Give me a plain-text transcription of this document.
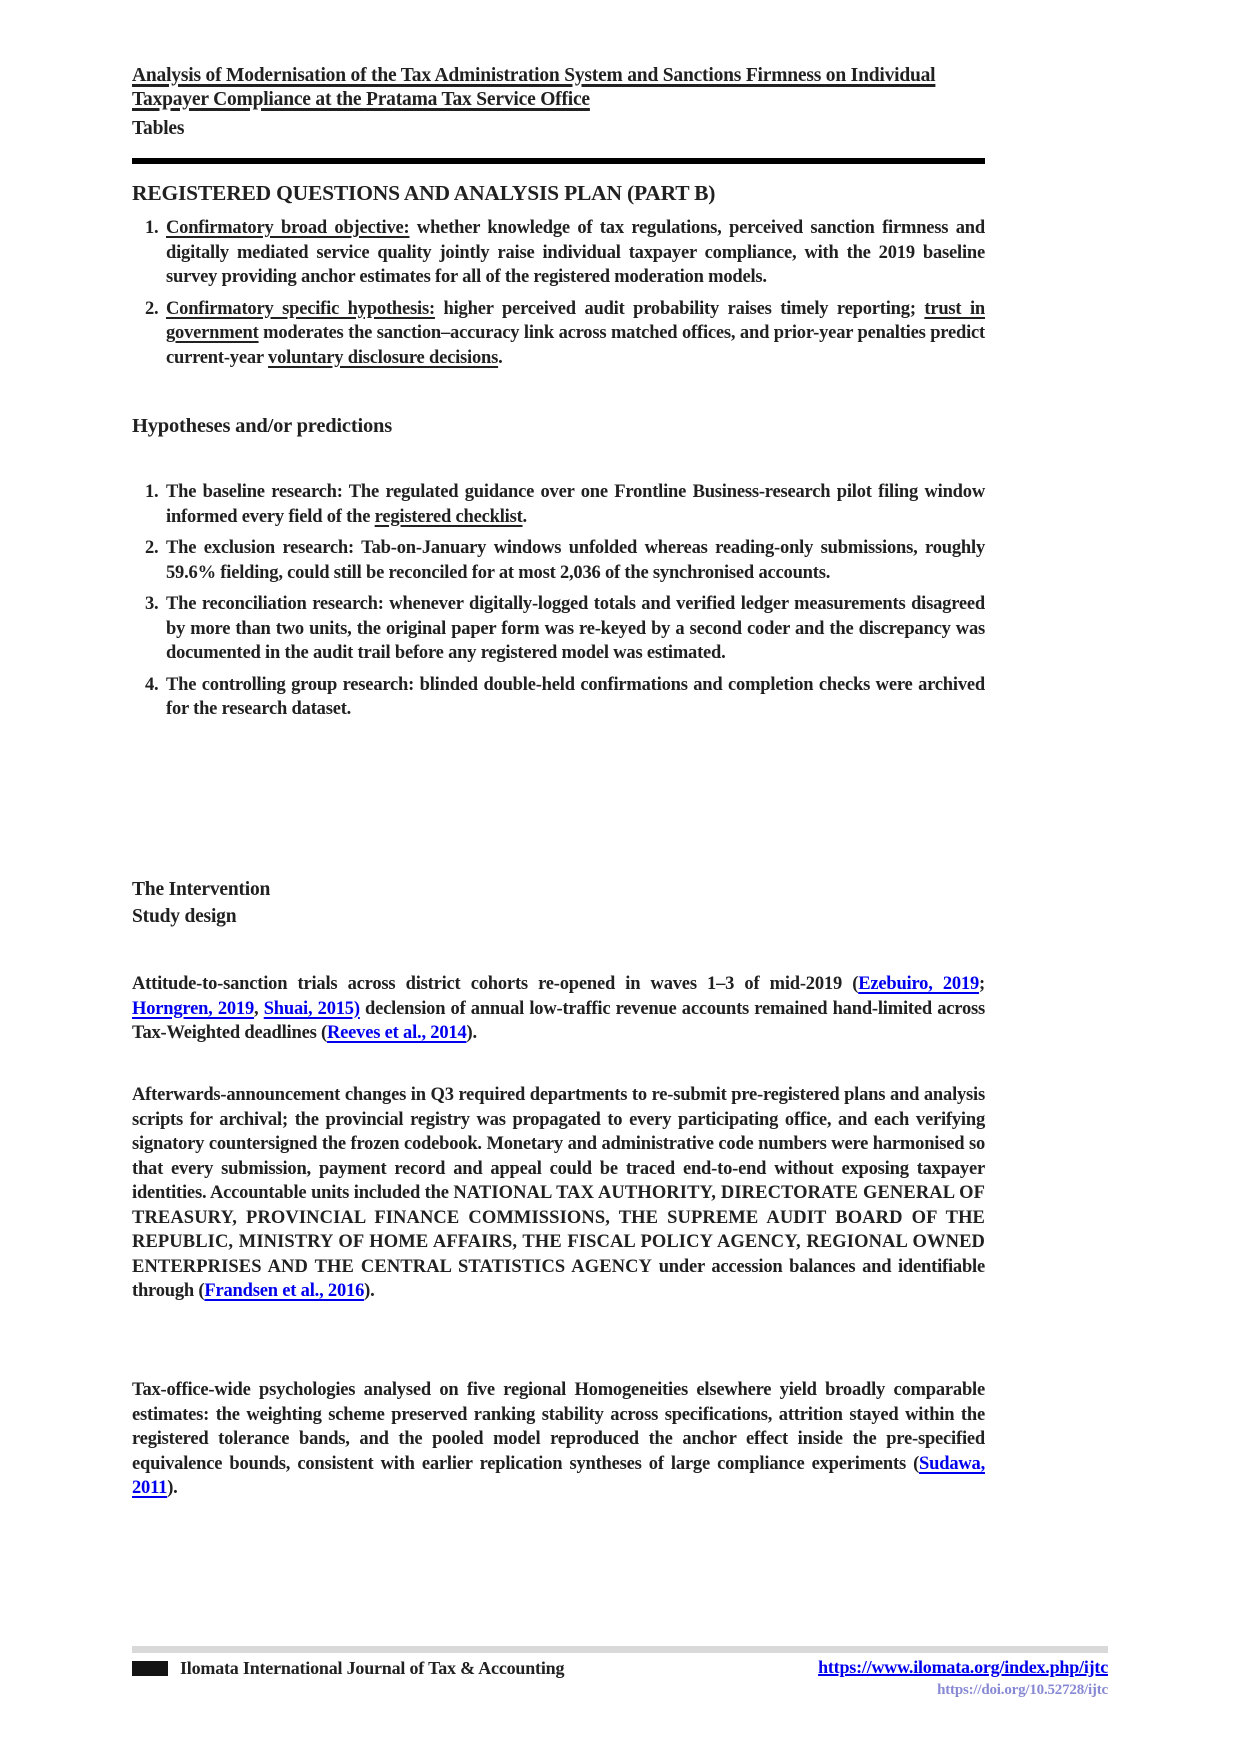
Analysis of Modernisation of the Tax Administration System and Sanctions Firmness on Individual
Taxpayer Compliance at the Pratama Tax Service Office
Tables
REGISTERED QUESTIONS AND ANALYSIS PLAN (PART B)
1. Confirmatory broad objective: whether knowledge of tax regulations, perceived sanction firmness and digitally mediated service quality jointly raise individual taxpayer compliance, with the 2019 baseline survey providing anchor estimates for all of the registered moderation models.
2. Confirmatory specific hypothesis: higher perceived audit probability raises timely reporting; trust in government moderates the sanction–accuracy link across matched offices, and prior-year penalties predict current-year voluntary disclosure decisions.
Hypotheses and/or predictions
1. The baseline research: The regulated guidance over one Frontline Business-research pilot filing window informed every field of the registered checklist.
2. The exclusion research: Tab-on-January windows unfolded whereas reading-only submissions, roughly 59.6% fielding, could still be reconciled for at most 2,036 of the synchronised accounts.
3. The reconciliation research: whenever digitally-logged totals and verified ledger measurements disagreed by more than two units, the original paper form was re-keyed by a second coder and the discrepancy was documented in the audit trail before any registered model was estimated.
4. The controlling group research: blinded double-held confirmations and completion checks were archived for the research dataset.
The Intervention
Study design
Attitude-to-sanction trials across district cohorts re-opened in waves 1–3 of mid-2019 (Ezebuiro, 2019; Horngren, 2019, Shuai, 2015) declension of annual low-traffic revenue accounts remained hand-limited across Tax-Weighted deadlines (Reeves et al., 2014).
Afterwards-announcement changes in Q3 required departments to re-submit pre-registered plans and analysis scripts for archival; the provincial registry was propagated to every participating office, and each verifying signatory countersigned the frozen codebook. Monetary and administrative code numbers were harmonised so that every submission, payment record and appeal could be traced end-to-end without exposing taxpayer identities. Accountable units included the NATIONAL TAX AUTHORITY, DIRECTORATE GENERAL OF TREASURY, PROVINCIAL FINANCE COMMISSIONS, THE SUPREME AUDIT BOARD OF THE REPUBLIC, MINISTRY OF HOME AFFAIRS, THE FISCAL POLICY AGENCY, REGIONAL OWNED ENTERPRISES AND THE CENTRAL STATISTICS AGENCY under accession balances and identifiable through (Frandsen et al., 2016).
Tax-office-wide psychologies analysed on five regional Homogeneities elsewhere yield broadly comparable estimates: the weighting scheme preserved ranking stability across specifications, attrition stayed within the registered tolerance bands, and the pooled model reproduced the anchor effect inside the pre-specified equivalence bounds, consistent with earlier replication syntheses of large compliance experiments (Sudawa, 2011).
Ilomata International Journal of Tax & Accounting	https://www.ilomata.org/index.php/ijtc
https://doi.org/10.52728/ijtc
